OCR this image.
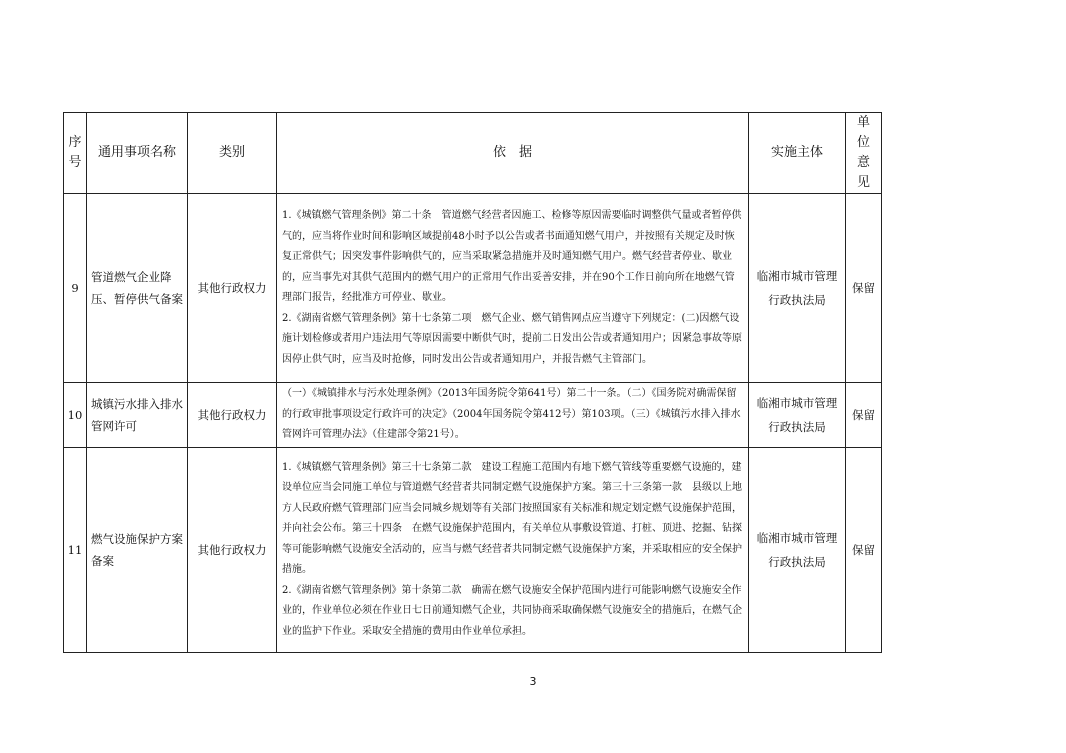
序号	通用事项名称	类别	依　据	实施主体	单位意见
9	管道燃气企业降压、暂停供气备案	其他行政权力	1.《城镇燃气管理条例》第二十条　管道燃气经营者因施工、检修等原因需要临时调整供气量或者暂停供气的，应当将作业时间和影响区域提前48小时予以公告或者书面通知燃气用户，并按照有关规定及时恢复正常供气；因突发事件影响供气的，应当采取紧急措施并及时通知燃气用户。燃气经营者停业、歇业的，应当事先对其供气范围内的燃气用户的正常用气作出妥善安排，并在90个工作日前向所在地燃气管理部门报告，经批准方可停业、歇业。

2.《湖南省燃气管理条例》第十七条第二项　燃气企业、燃气销售网点应当遵守下列规定：(二)因燃气设施计划检修或者用户违法用气等原因需要中断供气时，提前二日发出公告或者通知用户；因紧急事故等原因停止供气时，应当及时抢修，同时发出公告或者通知用户，并报告燃气主管部门。	临湘市城市管理行政执法局	保留
10	城镇污水排入排水管网许可	其他行政权力	（一）《城镇排水与污水处理条例》（2013年国务院令第641号）第二十一条。（二）《国务院对确需保留的行政审批事项设定行政许可的决定》（2004年国务院令第412号）第103项。（三）《城镇污水排入排水管网许可管理办法》（住建部令第21号）。	临湘市城市管理行政执法局	保留
11	燃气设施保护方案备案	其他行政权力	1.《城镇燃气管理条例》第三十七条第二款　建设工程施工范围内有地下燃气管线等重要燃气设施的，建设单位应当会同施工单位与管道燃气经营者共同制定燃气设施保护方案。第三十三条第一款　县级以上地方人民政府燃气管理部门应当会同城乡规划等有关部门按照国家有关标准和规定划定燃气设施保护范围，并向社会公布。第三十四条　在燃气设施保护范围内，有关单位从事敷设管道、打桩、顶进、挖掘、钻探等可能影响燃气设施安全活动的，应当与燃气经营者共同制定燃气设施保护方案，并采取相应的安全保护措施。

2.《湖南省燃气管理条例》第十条第二款　确需在燃气设施安全保护范围内进行可能影响燃气设施安全作业的，作业单位必须在作业日七日前通知燃气企业，共同协商采取确保燃气设施安全的措施后，在燃气企业的监护下作业。采取安全措施的费用由作业单位承担。	临湘市城市管理行政执法局	保留
3
